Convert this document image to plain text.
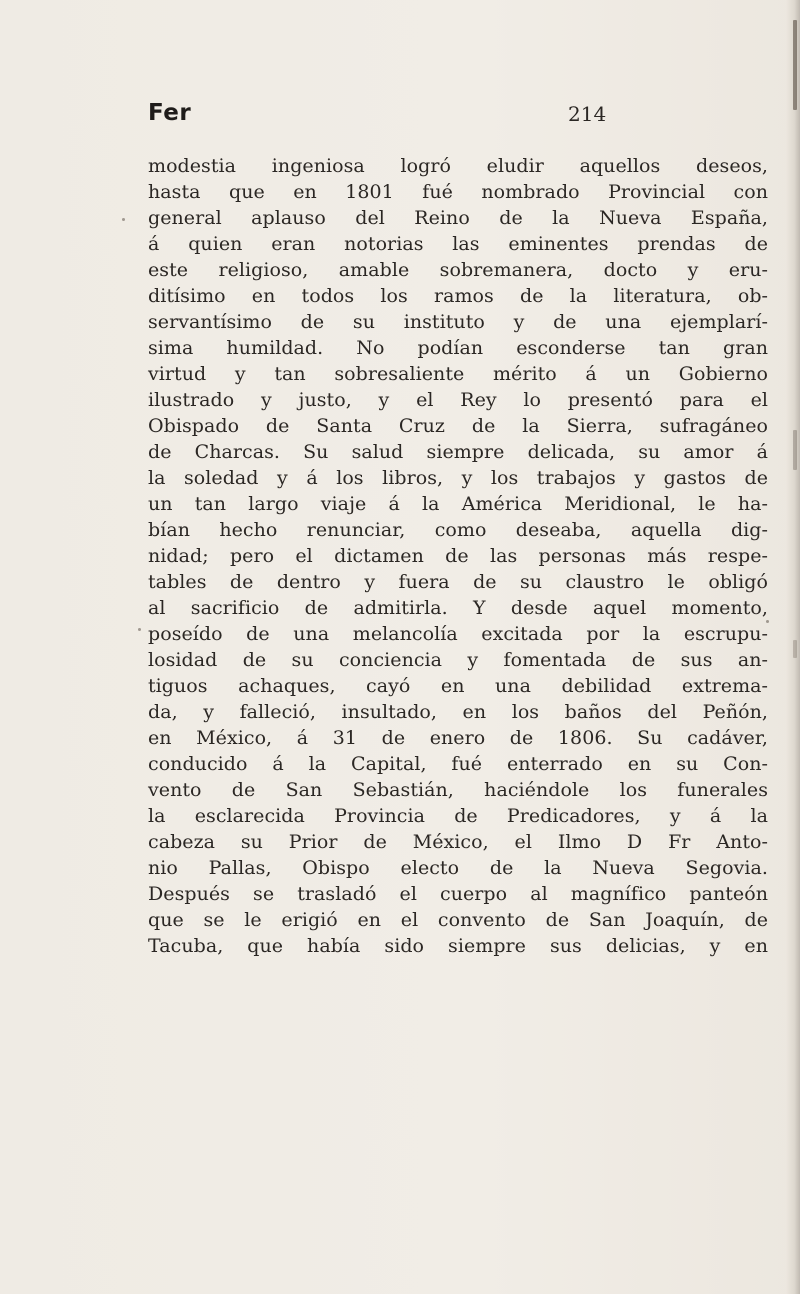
Fer	214
modestia ingeniosa logró eludir aquellos deseos,
hasta que en 1801 fué nombrado Provincial con
general aplauso del Reino de la Nueva España,
á quien eran notorias las eminentes prendas de
este religioso, amable sobremanera, docto y eru-
ditísimo en todos los ramos de la literatura, ob-
servantísimo de su instituto y de una ejemplarí-
sima humildad. No podían esconderse tan gran
virtud y tan sobresaliente mérito á un Gobierno
ilustrado y justo, y el Rey lo presentó para el
Obispado de Santa Cruz de la Sierra, sufragáneo
de Charcas. Su salud siempre delicada, su amor á
la soledad y á los libros, y los trabajos y gastos de
un tan largo viaje á la América Meridional, le ha-
bían hecho renunciar, como deseaba, aquella dig-
nidad; pero el dictamen de las personas más respe-
tables de dentro y fuera de su claustro le obligó
al sacrificio de admitirla. Y desde aquel momento,
poseído de una melancolía excitada por la escrupu-
losidad de su conciencia y fomentada de sus an-
tiguos achaques, cayó en una debilidad extrema-
da, y falleció, insultado, en los baños del Peñón,
en México, á 31 de enero de 1806. Su cadáver,
conducido á la Capital, fué enterrado en su Con-
vento de San Sebastián, haciéndole los funerales
la esclarecida Provincia de Predicadores, y á la
cabeza su Prior de México, el Ilmo D Fr Anto-
nio Pallas, Obispo electo de la Nueva Segovia.
Después se trasladó el cuerpo al magnífico panteón
que se le erigió en el convento de San Joaquín, de
Tacuba, que había sido siempre sus delicias, y en
